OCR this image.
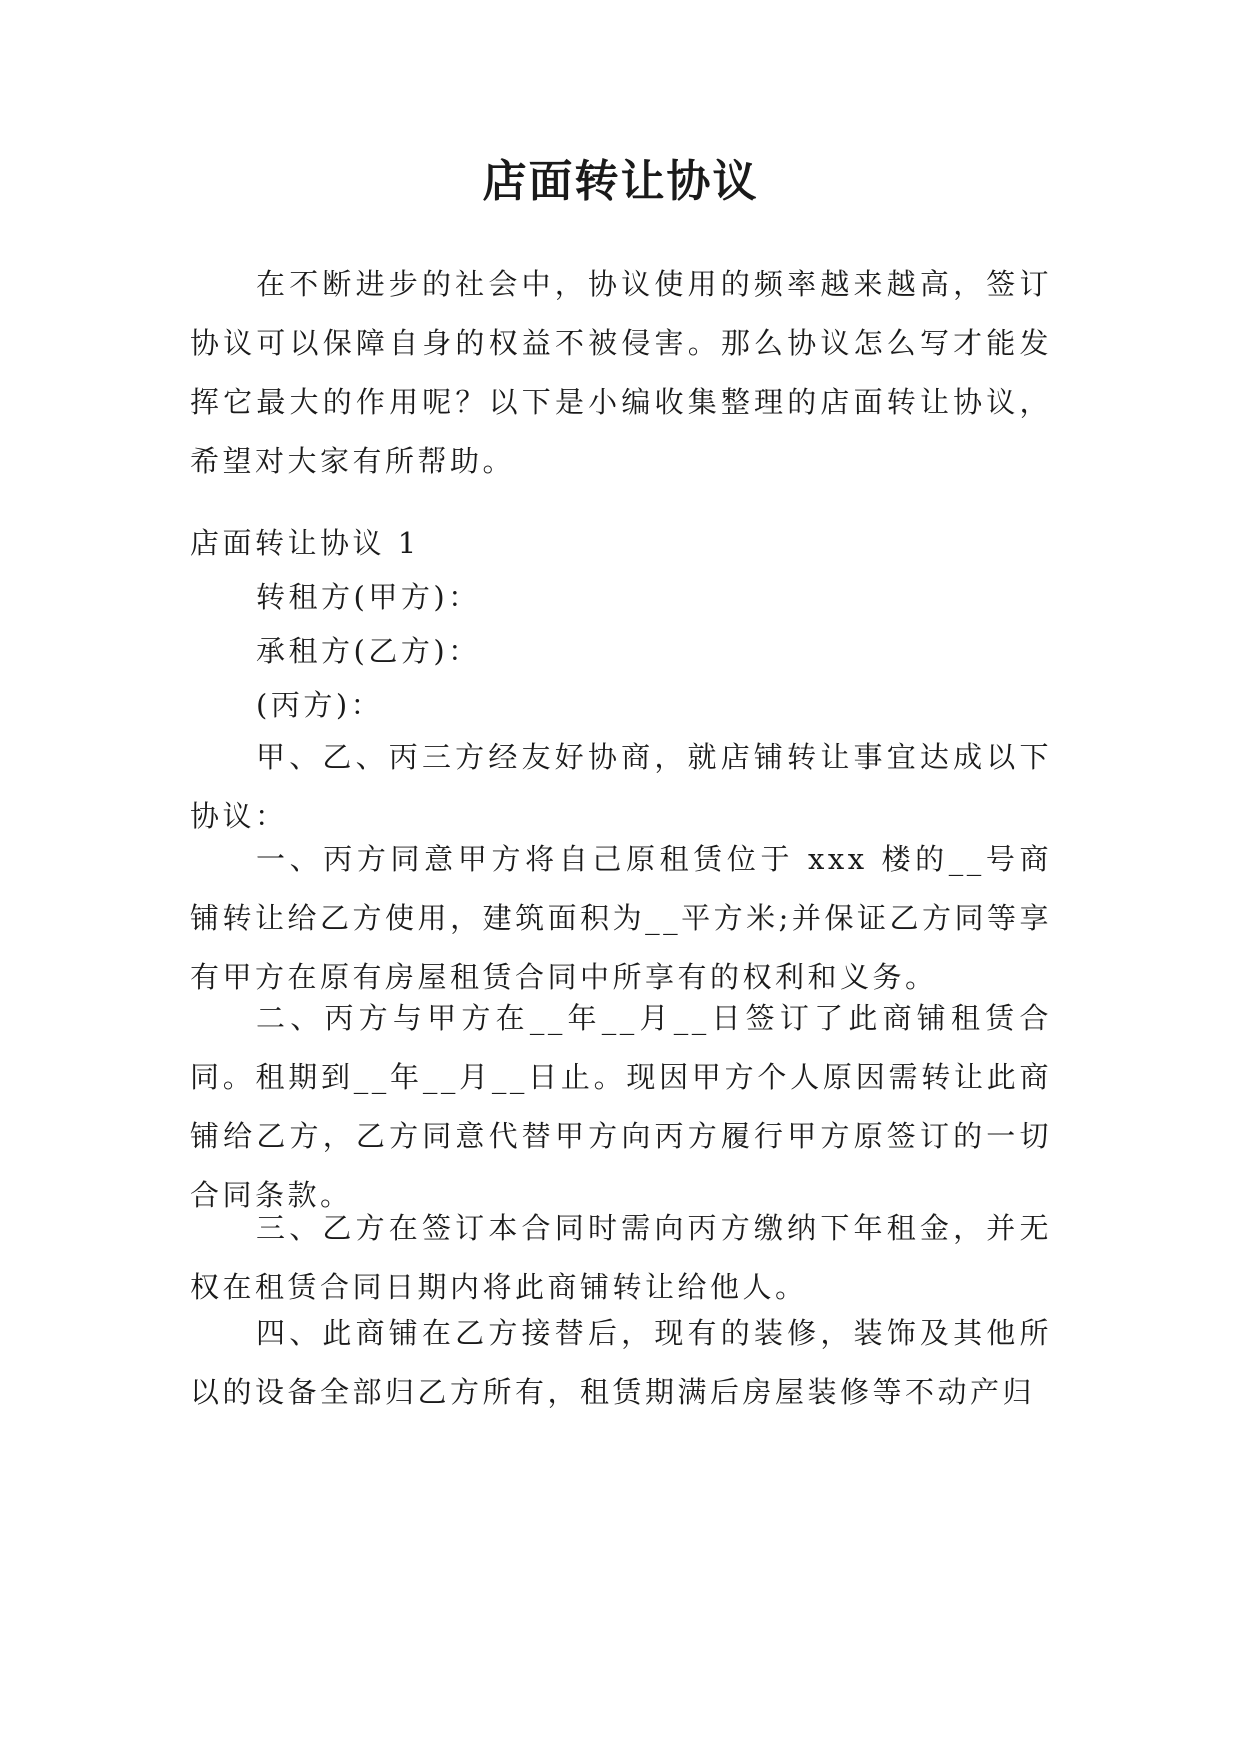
店面转让协议

在不断进步的社会中，协议使用的频率越来越高，签订协议可以保障自身的权益不被侵害。那么协议怎么写才能发挥它最大的作用呢？以下是小编收集整理的店面转让协议，希望对大家有所帮助。

店面转让协议 1

转租方(甲方)：

承租方(乙方)：

(丙方)：

甲、乙、丙三方经友好协商，就店铺转让事宜达成以下协议：

一、丙方同意甲方将自己原租赁位于 xxx 楼的__号商铺转让给乙方使用，建筑面积为__平方米;并保证乙方同等享有甲方在原有房屋租赁合同中所享有的权利和义务。

二、丙方与甲方在__年__月__日签订了此商铺租赁合同。租期到__年__月__日止。现因甲方个人原因需转让此商铺给乙方，乙方同意代替甲方向丙方履行甲方原签订的一切合同条款。

三、乙方在签订本合同时需向丙方缴纳下年租金，并无权在租赁合同日期内将此商铺转让给他人。

四、此商铺在乙方接替后，现有的装修，装饰及其他所以的设备全部归乙方所有，租赁期满后房屋装修等不动产归
